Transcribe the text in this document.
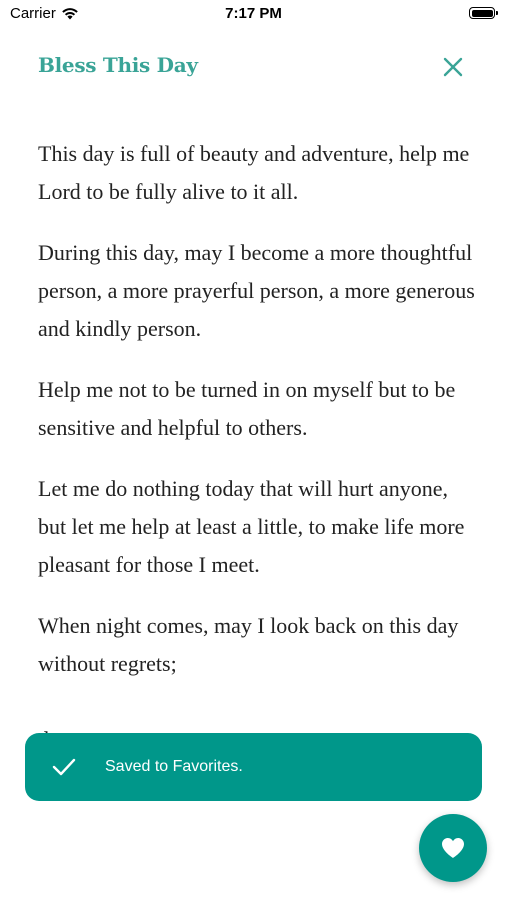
Carrier	7:17 PM
Bless This Day

This day is full of beauty and adventure, help me Lord to be fully alive to it all.

During this day, may I become a more thoughtful person, a more prayerful person, a more generous and kindly person.

Help me not to be turned in on myself but to be sensitive and helpful to others.

Let me do nothing today that will hurt anyone, but let me help at least a little, to make life more pleasant for those I meet.

When night comes, may I look back on this day without regrets;

Saved to Favorites.
